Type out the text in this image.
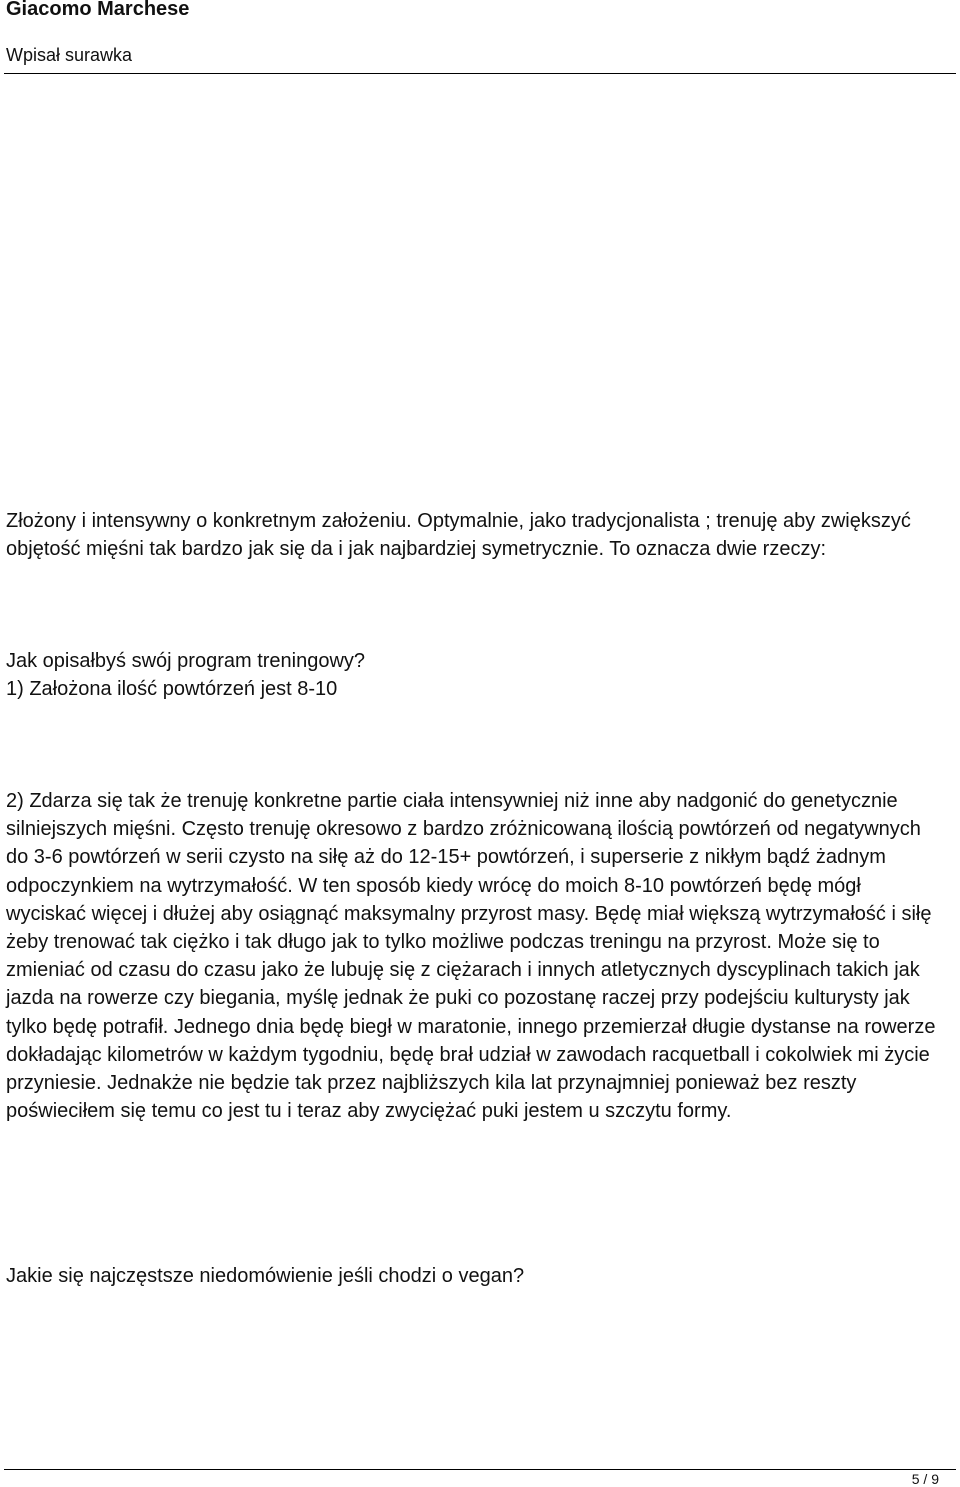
Giacomo Marchese

Wpisał surawka

Jak opisałbyś swój program treningowy?

Złożony i intensywny o konkretnym założeniu. Optymalnie, jako tradycjonalista ; trenuję aby zwiększyć objętość mięśni tak bardzo jak się da i jak najbardziej symetrycznie. To oznacza dwie rzeczy:

1) Założona ilość powtórzeń jest 8-10

2) Zdarza się tak że trenuję konkretne partie ciała intensywniej niż inne aby nadgonić do genetycznie silniejszych mięśni. Często trenuję okresowo z bardzo zróżnicowaną ilością powtórzeń od negatywnych do 3-6 powtórzeń w serii czysto na siłę aż do 12-15+ powtórzeń, i superserie z nikłym bądź żadnym odpoczynkiem na wytrzymałość. W ten sposób kiedy wrócę do moich 8-10 powtórzeń będę mógł wyciskać więcej i dłużej aby osiągnąć maksymalny przyrost masy. Będę miał większą wytrzymałość i siłę żeby trenować tak ciężko i tak długo jak to tylko możliwe podczas treningu na przyrost. Może się to zmieniać od czasu do czasu jako że lubuję się z ciężarach i innych atletycznych dyscyplinach takich jak jazda na rowerze czy biegania, myślę jednak że puki co pozostanę raczej przy podejściu kulturysty jak tylko będę potrafił. Jednego dnia będę biegł w maratonie, innego przemierzał długie dystanse na rowerze dokładając kilometrów w każdym tygodniu, będę brał udział w zawodach racquetball i cokolwiek mi życie przyniesie. Jednakże nie będzie tak przez najbliższych kila lat przynajmniej ponieważ bez reszty poświeciłem się temu co jest tu i teraz aby zwyciężać puki jestem u szczytu formy.

Jakie się najczęstsze niedomówienie jeśli chodzi o vegan?

5 / 9
